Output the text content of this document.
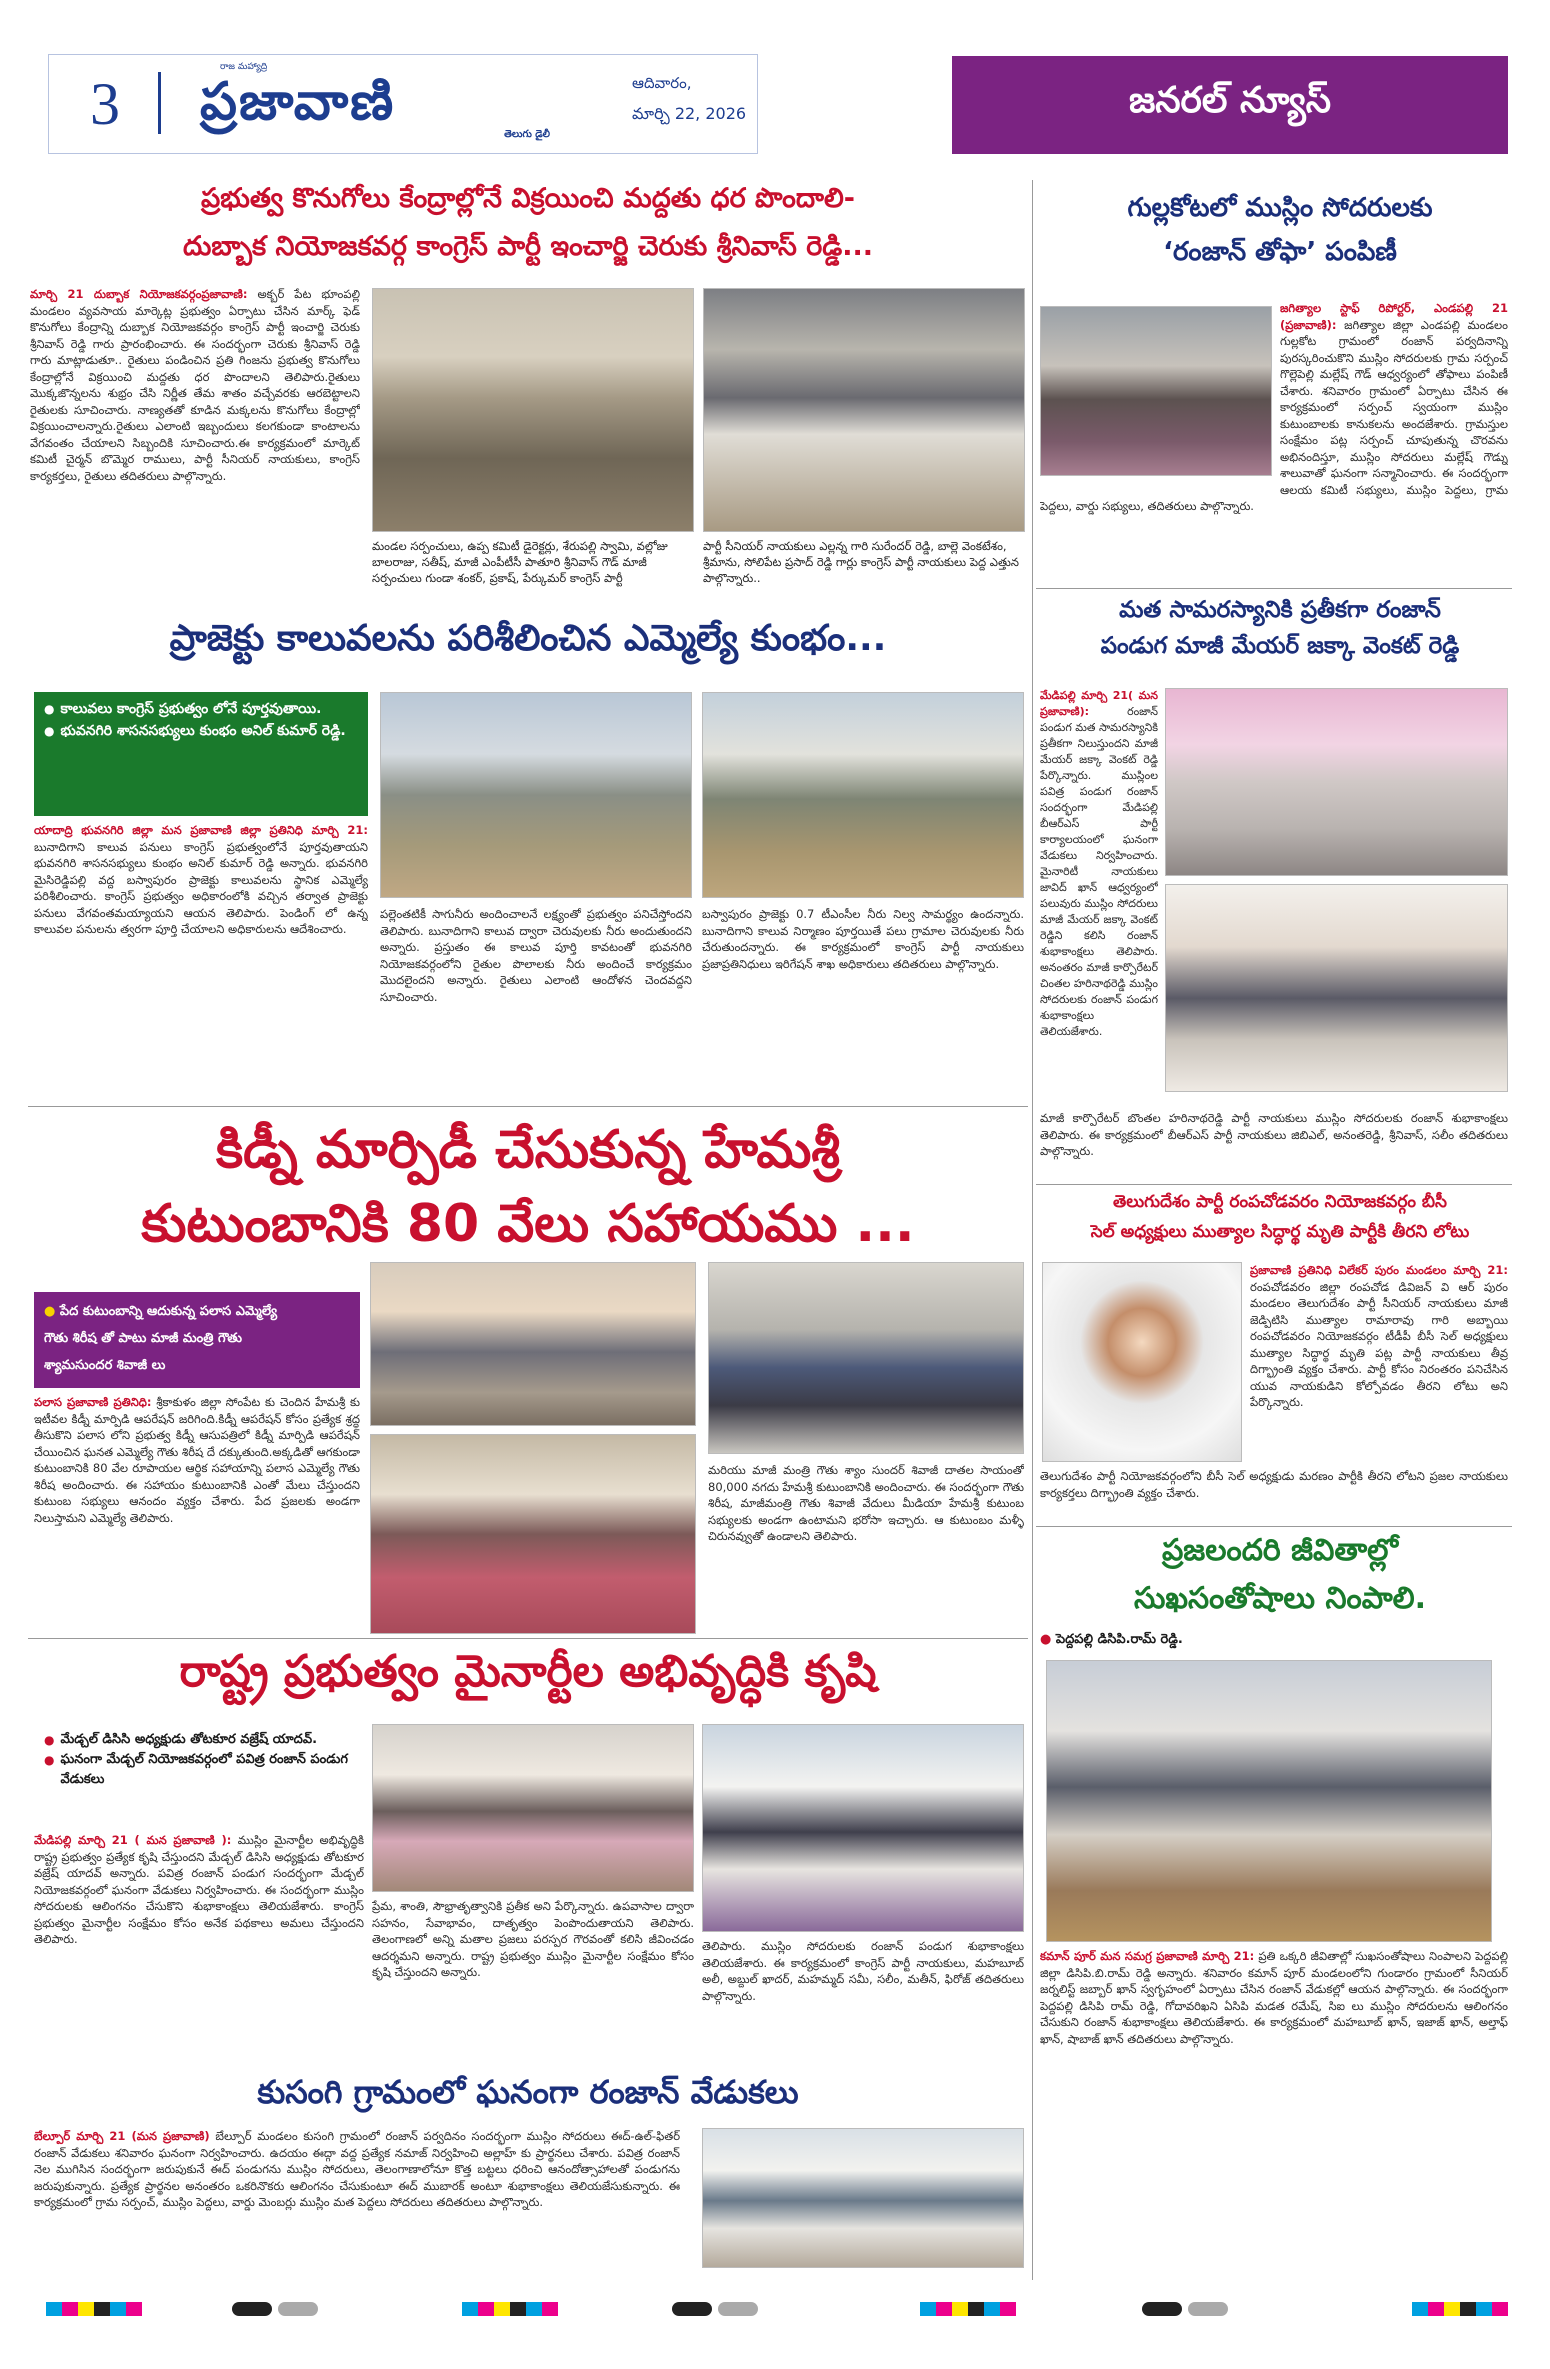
3
రాజ మహ్యాద్రి
ప్రజావాణి
తెలుగు డైలీ
ఆదివారం,
మార్చి 22, 2026	జనరల్ న్యూస్
ప్రభుత్వ కొనుగోలు కేంద్రాల్లోనే విక్రయించి మద్దతు ధర పొందాలి-
దుబ్బాక నియోజకవర్గ కాంగ్రెస్ పార్టీ ఇంచార్జి చెరుకు శ్రీనివాస్ రెడ్డి...
మార్చి 21 దుబ్బాక నియోజకవర్గంప్రజావాణి: అక్బర్ పేట భూంపల్లి మండలం వ్యవసాయ మార్కెట్ల ప్రభుత్వం ఏర్పాటు చేసిన మార్క్ ఫెడ్ కొనుగోలు కేంద్రాన్ని దుబ్బాక నియోజకవర్గం కాంగ్రెస్ పార్టీ ఇంచార్జి చెరుకు శ్రీనివాస్ రెడ్డి గారు ప్రారంభించారు. ఈ సందర్భంగా చెరుకు శ్రీనివాస్ రెడ్డి గారు మాట్లాడుతూ.. రైతులు పండించిన ప్రతి గింజను ప్రభుత్వ కొనుగోలు కేంద్రాల్లోనే విక్రయించి మద్దతు ధర పొందాలని తెలిపారు.రైతులు మొక్కజొన్నలను శుభ్రం చేసి నిర్ణీత తేమ శాతం వచ్చేవరకు ఆరబెట్టాలని రైతులకు సూచించారు. నాణ్యతతో కూడిన మక్కలను కొనుగోలు కేంద్రాల్లో విక్రయించాలన్నారు.రైతులు ఎలాంటి ఇబ్బందులు కలగకుండా కాంటాలను వేగవంతం చేయాలని సిబ్బందికి సూచించారు.ఈ కార్యక్రమంలో మార్కెట్ కమిటీ చైర్మన్ బొమ్మెర రాములు, పార్టీ సీనియర్ నాయకులు, కాంగ్రెస్ కార్యకర్తలు, రైతులు తదితరులు పాల్గొన్నారు.
మండల సర్పంచులు, ఉప్ప కమిటీ డైరెక్టర్లు, శేరుపల్లి స్వామి, వల్లోజు బాలరాజు, సతీష్, మాజీ ఎంపీటీసీ పాతూరి శ్రీనివాస్ గౌడ్ మాజీ సర్పంచులు గుండా శంకర్, ప్రకాష్, పేర్కుమర్ కాంగ్రెస్ పార్టీ
పార్టీ సీనియర్ నాయకులు ఎల్లన్న గారి సురేందర్ రెడ్డి, బాల్లె వెంకటేశం, శ్రీమాను, సోలిపేట ప్రసాద్ రెడ్డి గార్లు కాంగ్రెస్ పార్టీ నాయకులు పెద్ద ఎత్తున పాల్గొన్నారు..
గుల్లకోటలో ముస్లిం సోదరులకు
‘రంజాన్ తోఫా’ పంపిణీ
జగిత్యాల స్టాఫ్ రిపోర్టర్, ఎండపల్లి 21 (ప్రజావాణి): జగిత్యాల జిల్లా ఎండపల్లి మండలం గుల్లకోట గ్రామంలో రంజాన్ పర్వదినాన్ని పురస్కరించుకొని ముస్లిం సోదరులకు గ్రామ సర్పంచ్ గొల్లెపెల్లి మల్లేష్ గౌడ్ ఆధ్వర్యంలో తోఫాలు పంపిణీ చేశారు. శనివారం గ్రామంలో ఏర్పాటు చేసిన ఈ కార్యక్రమంలో సర్పంచ్ స్వయంగా ముస్లిం కుటుంబాలకు కానుకలను అందజేశారు. గ్రామస్తుల సంక్షేమం పట్ల సర్పంచ్ చూపుతున్న చొరవను అభినందిస్తూ, ముస్లిం సోదరులు మల్లేష్ గౌడ్ను శాలువాతో ఘనంగా సన్మానించారు. ఈ సందర్భంగా ఆలయ కమిటీ సభ్యులు, ముస్లిం పెద్దలు, గ్రామ పెద్దలు, వార్డు సభ్యులు, తదితరులు పాల్గొన్నారు.
ప్రాజెక్టు కాలువలను పరిశీలించిన ఎమ్మెల్యే కుంభం...
● కాలువలు కాంగ్రెస్ ప్రభుత్వం లోనే పూర్తవుతాయి.
● భువనగిరి శాసనసభ్యులు కుంభం అనిల్ కుమార్ రెడ్డి.
యాదాద్రి భువనగిరి జిల్లా మన ప్రజావాణి జిల్లా ప్రతినిధి మార్చి 21: బునాదిగాని కాలువ పనులు కాంగ్రెస్ ప్రభుత్వంలోనే పూర్తవుతాయని భువనగిరి శాసనసభ్యులు కుంభం అనిల్ కుమార్ రెడ్డి అన్నారు. భువనగిరి మైసిరెడ్డిపల్లి వద్ద బస్వాపురం ప్రాజెక్టు కాలువలను స్థానిక ఎమ్మెల్యే పరిశీలించారు. కాంగ్రెస్ ప్రభుత్వం అధికారంలోకి వచ్చిన తర్వాత ప్రాజెక్టు పనులు వేగవంతమయ్యాయని ఆయన తెలిపారు. పెండింగ్ లో ఉన్న కాలువల పనులను త్వరగా పూర్తి చేయాలని అధికారులను ఆదేశించారు.
పల్లెంతటికీ సాగునీరు అందించాలనే లక్ష్యంతో ప్రభుత్వం పనిచేస్తోందని తెలిపారు. బునాదిగాని కాలువ ద్వారా చెరువులకు నీరు అందుతుందని అన్నారు. ప్రస్తుతం ఈ కాలువ పూర్తి కావటంతో భువనగిరి నియోజకవర్గంలోని రైతుల పొలాలకు నీరు అందించే కార్యక్రమం మొదలైందని అన్నారు. రైతులు ఎలాంటి ఆందోళన చెందవద్దని సూచించారు.
బస్వాపురం ప్రాజెక్టు 0.7 టీఎంసీల నీరు నిల్వ సామర్థ్యం ఉందన్నారు. బునాదిగాని కాలువ నిర్మాణం పూర్తయితే పలు గ్రామాల చెరువులకు నీరు చేరుతుందన్నారు. ఈ కార్యక్రమంలో కాంగ్రెస్ పార్టీ నాయకులు ప్రజాప్రతినిధులు ఇరిగేషన్ శాఖ అధికారులు తదితరులు పాల్గొన్నారు.
మత సామరస్యానికి ప్రతీకగా రంజాన్
పండుగ మాజీ మేయర్ జక్కా వెంకట్ రెడ్డి
మేడిపల్లి మార్చి 21( మన ప్రజావాణి):	రంజాన్ పండుగ మత సామరస్యానికి ప్రతీకగా నిలుస్తుందని మాజీ మేయర్ జక్కా వెంకట్ రెడ్డి పేర్కొన్నారు. ముస్లింల పవిత్ర పండుగ రంజాన్ సందర్భంగా మేడిపల్లి బీఆర్ఎస్ పార్టీ కార్యాలయంలో ఘనంగా వేడుకలు నిర్వహించారు. మైనారిటీ నాయకులు జావిద్ ఖాన్ ఆధ్వర్యంలో పలువురు ముస్లిం సోదరులు మాజీ మేయర్ జక్కా వెంకట్ రెడ్డిని కలిసి రంజాన్ శుభాకాంక్షలు తెలిపారు. అనంతరం మాజీ కార్పొరేటర్ చింతల హరినాథరెడ్డి ముస్లిం సోదరులకు రంజాన్ పండుగ శుభాకాంక్షలు తెలియజేశారు.
మాజీ కార్పొరేటర్ బొంతల హరినాథరెడ్డి పార్టీ నాయకులు ముస్లిం సోదరులకు రంజాన్ శుభాకాంక్షలు తెలిపారు. ఈ కార్యక్రమంలో బీఆర్ఎస్ పార్టీ నాయకులు జిబిఎల్, అనంతరెడ్డి, శ్రీనివాస్, సలీం తదితరులు పాల్గొన్నారు.
కిడ్నీ మార్పిడీ చేసుకున్న హేమశ్రీ
కుటుంబానికి 80 వేలు సహాయము ...
● పేద కుటుంబాన్ని ఆదుకున్న పలాస ఎమ్మెల్యే
గౌతు శిరీష తో పాటు మాజీ మంత్రి గౌతు
శ్యామసుందర శివాజీ లు
పలాస ప్రజావాణి ప్రతినిధి: శ్రీకాకుళం జిల్లా సోంపేట కు చెందిన హేమశ్రీ కు ఇటీవల కిడ్నీ మార్పిడి ఆపరేషన్ జరిగింది.కిడ్నీ ఆపరేషన్ కోసం ప్రత్యేక శ్రద్ధ తీసుకొని పలాస లోని ప్రభుత్వ కిడ్నీ ఆసుపత్రిలో కిడ్నీ మార్పిడి ఆపరేషన్ చేయించిన ఘనత ఎమ్మెల్యే గౌతు శిరీష దే దక్కుతుంది.అక్కడితో ఆగకుండా కుటుంబానికి 80 వేల రూపాయల ఆర్థిక సహాయాన్ని పలాస ఎమ్మెల్యే గౌతు శిరీష అందించారు. ఈ సహాయం కుటుంబానికి ఎంతో మేలు చేస్తుందని కుటుంబ సభ్యులు ఆనందం వ్యక్తం చేశారు. పేద ప్రజలకు అండగా నిలుస్తామని ఎమ్మెల్యే తెలిపారు.
మరియు మాజీ మంత్రి గౌతు శ్యాం సుందర్ శివాజీ దాతల సాయంతో 80,000 నగదు హేమశ్రీ కుటుంబానికి అందించారు. ఈ సందర్భంగా గౌతు శిరీష, మాజీమంత్రి గౌతు శివాజీ వేదులు మీడియా హేమశ్రీ కుటుంబ సభ్యులకు అండగా ఉంటామని భరోసా ఇచ్చారు. ఆ కుటుంబం మళ్ళీ చిరునవ్వుతో ఉండాలని తెలిపారు.
తెలుగుదేశం పార్టీ రంపచోడవరం నియోజకవర్గం బీసీ
సెల్ అధ్యక్షులు ముత్యాల సిద్ధార్థ మృతి పార్టీకి తీరని లోటు
ప్రజావాణి ప్రతినిధి విలేకర్ పురం మండలం మార్చి 21: రంపచోడవరం జిల్లా రంపచోడ డివిజన్ వి ఆర్ పురం మండలం తెలుగుదేశం పార్టీ సీనియర్ నాయకులు మాజీ జెడ్పిటిసి ముత్యాల రామారావు గారి అబ్బాయి రంపచోడవరం నియోజకవర్గం టీడీపీ బీసీ సెల్ అధ్యక్షులు ముత్యాల సిద్ధార్థ మృతి పట్ల పార్టీ నాయకులు తీవ్ర దిగ్భ్రాంతి వ్యక్తం చేశారు. పార్టీ కోసం నిరంతరం పనిచేసిన యువ నాయకుడిని కోల్పోవడం తీరని లోటు అని పేర్కొన్నారు.
తెలుగుదేశం పార్టీ నియోజకవర్గంలోని బీసీ సెల్ అధ్యక్షుడు మరణం పార్టీకి తీరని లోటని ప్రజల నాయకులు కార్యకర్తలు దిగ్భ్రాంతి వ్యక్తం చేశారు.
ప్రజలందరి జీవితాల్లో
సుఖసంతోషాలు నింపాలి.
● పెద్దపల్లి డిసిపి.రామ్ రెడ్డి.
కమాన్ పూర్ మన సమగ్ర ప్రజావాణి మార్చి 21: ప్రతి ఒక్కరి జీవితాల్లో సుఖసంతోషాలు నింపాలని పెద్దపల్లి జిల్లా డిసిపి.బి.రామ్ రెడ్డి అన్నారు. శనివారం కమాన్ పూర్ మండలంలోని గుండారం గ్రామంలో సీనియర్ జర్నలిస్ట్ జబ్బార్ ఖాన్ స్వగృహంలో ఏర్పాటు చేసిన రంజాన్ వేడుకల్లో ఆయన పాల్గొన్నారు. ఈ సందర్భంగా పెద్దపల్లి డిసిపి రామ్ రెడ్డి, గోదావరిఖని ఏసిపి మడత రమేష్, సిఐ లు ముస్లిం సోదరులను ఆలింగనం చేసుకుని రంజాన్ శుభాకాంక్షలు తెలియజేశారు. ఈ కార్యక్రమంలో మహబూబ్ ఖాన్, ఇజాజ్ ఖాన్, అల్తాఫ్ ఖాన్, షాబాజ్ ఖాన్ తదితరులు పాల్గొన్నారు.
రాష్ట్ర ప్రభుత్వం మైనార్టీల అభివృద్ధికి కృషి
● మేడ్చల్ డిసిసి అధ్యక్షుడు తోటకూర వజ్రేష్ యాదవ్.
● ఘనంగా మేడ్చల్ నియోజకవర్గంలో పవిత్ర రంజాన్ పండుగ వేడుకలు
మేడిపల్లి మార్చి 21 ( మన ప్రజావాణి ): ముస్లిం మైనార్టీల అభివృద్ధికి రాష్ట్ర ప్రభుత్వం ప్రత్యేక కృషి చేస్తుందని మేడ్చల్ డిసిసి అధ్యక్షుడు తోటకూర వజ్రేష్ యాదవ్ అన్నారు. పవిత్ర రంజాన్ పండుగ సందర్భంగా మేడ్చల్ నియోజకవర్గంలో ఘనంగా వేడుకలు నిర్వహించారు. ఈ సందర్భంగా ముస్లిం సోదరులకు ఆలింగనం చేసుకొని శుభాకాంక్షలు తెలియజేశారు. కాంగ్రెస్ ప్రభుత్వం మైనార్టీల సంక్షేమం కోసం అనేక పథకాలు అమలు చేస్తుందని తెలిపారు.
ప్రేమ, శాంతి, సౌభ్రాతృత్వానికి ప్రతీక అని పేర్కొన్నారు. ఉపవాసాల ద్వారా సహనం, సేవాభావం, దాతృత్వం పెంపొందుతాయని తెలిపారు. తెలంగాణలో అన్ని మతాల ప్రజలు పరస్పర గౌరవంతో కలిసి జీవించడం ఆదర్శమని అన్నారు. రాష్ట్ర ప్రభుత్వం ముస్లిం మైనార్టీల సంక్షేమం కోసం కృషి చేస్తుందని అన్నారు.
తెలిపారు. ముస్లిం సోదరులకు రంజాన్ పండుగ శుభాకాంక్షలు తెలియజేశారు. ఈ కార్యక్రమంలో కాంగ్రెస్ పార్టీ నాయకులు, మహబూబ్ అలీ, అబ్దుల్ ఖాదర్, మహమ్మద్ సమీ, సలీం, మతీన్, ఫిరోజ్ తదితరులు పాల్గొన్నారు.
కుసంగి గ్రామంలో ఘనంగా రంజాన్ వేడుకలు
బేల్పూర్ మార్చి 21 (మన ప్రజావాణి) బేల్పూర్ మండలం కుసంగి గ్రామంలో రంజాన్ పర్వదినం సందర్భంగా ముస్లిం సోదరులు ఈద్-ఉల్-ఫితర్ రంజాన్ వేడుకలు శనివారం ఘనంగా నిర్వహించారు. ఉదయం ఈద్గా వద్ద ప్రత్యేక నమాజ్ నిర్వహించి అల్లాహ్ కు ప్రార్థనలు చేశారు. పవిత్ర రంజాన్ నెల ముగిసిన సందర్భంగా జరుపుకునే ఈద్ పండుగను ముస్లిం సోదరులు, తెలంగాణాలోనూ కొత్త బట్టలు ధరించి ఆనందోత్సాహాలతో పండుగను జరుపుకున్నారు. ప్రత్యేక ప్రార్థనల అనంతరం ఒకరినొకరు ఆలింగనం చేసుకుంటూ ఈద్ ముబారక్ అంటూ శుభాకాంక్షలు తెలియజేసుకున్నారు. ఈ కార్యక్రమంలో గ్రామ సర్పంచ్, ముస్లిం పెద్దలు, వార్డు మెంబర్లు ముస్లిం మత పెద్దలు సోదరులు తదితరులు పాల్గొన్నారు.
